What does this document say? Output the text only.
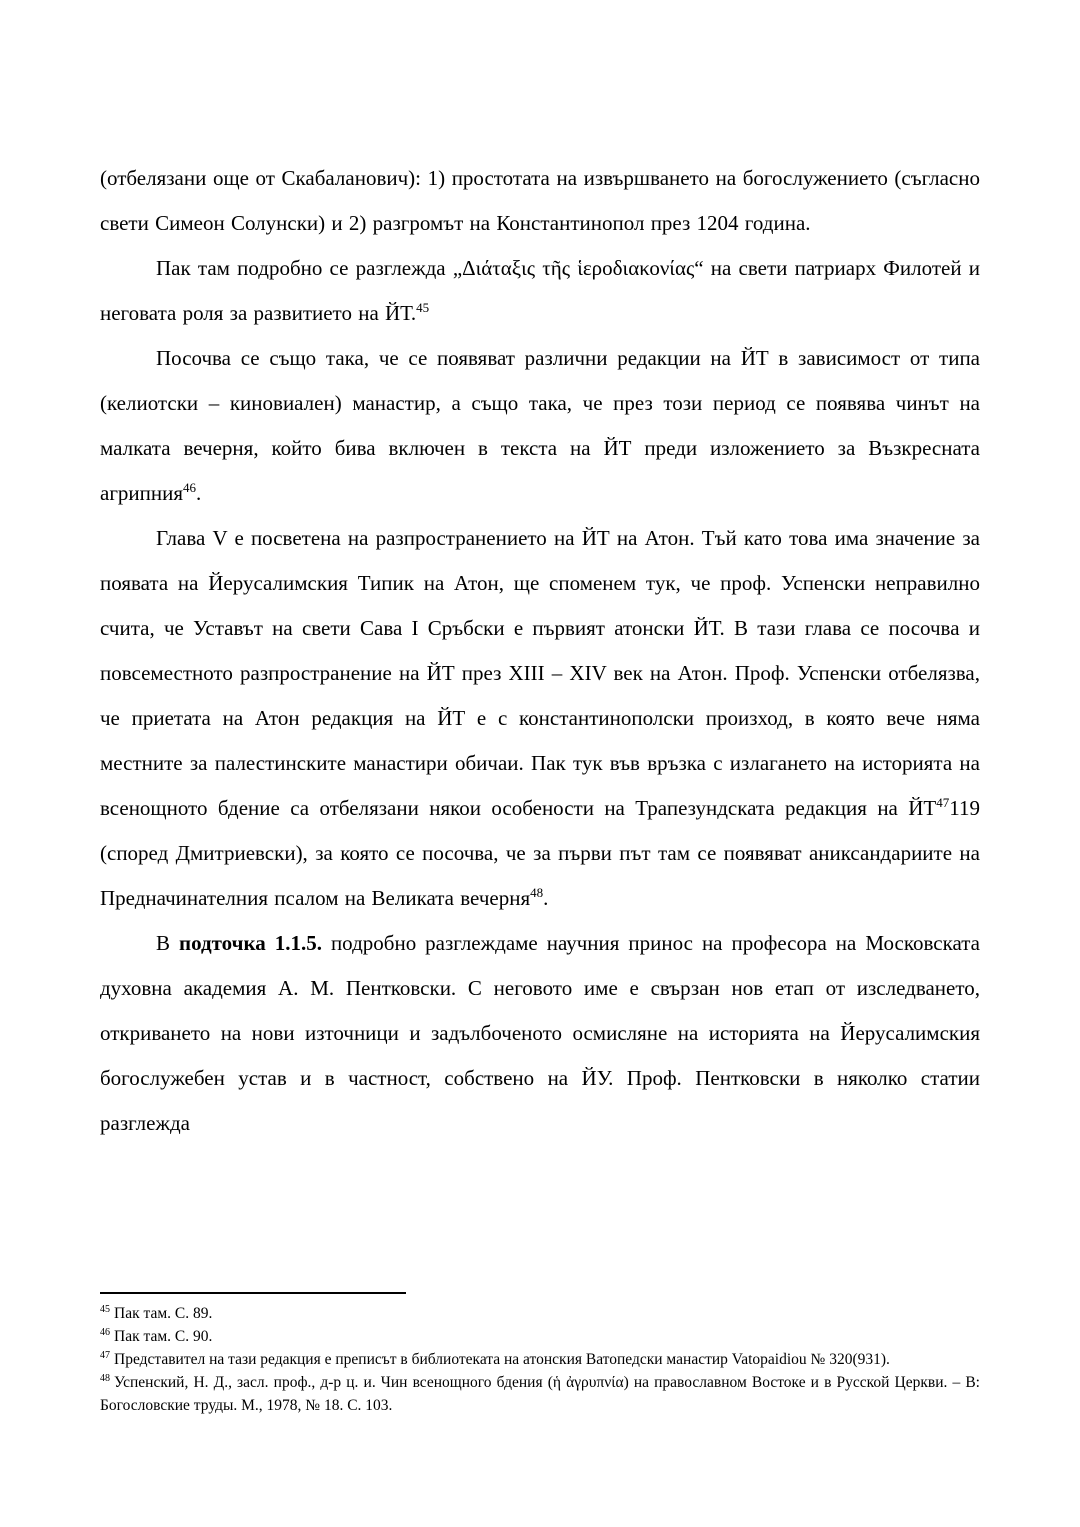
(отбелязани още от Скабаланович): 1) простотата на извършването на богослужението (съгласно свети Симеон Солунски) и 2) разгромът на Константинопол през 1204 година.

Пак там подробно се разглежда „Διάταξις τῆς ἱεροδιακονίας“ на свети патриарх Филотей и неговата роля за развитието на ЙТ.$^{45}$

Посочва се също така, че се появяват различни редакции на ЙТ в зависимост от типа (келиотски – киновиален) манастир, а също така, че през този период се появява чинът на малката вечерня, който бива включен в текста на ЙТ преди изложението за Възкресната агрипния$^{46}$.

Глава V е посветена на разпространението на ЙТ на Атон. Тъй като това има значение за появата на Йерусалимския Типик на Атон, ще споменем тук, че проф. Успенски неправилно счита, че Уставът на свети Сава I Сръбски е първият атонски ЙТ. В тази глава се посочва и повсеместното разпространение на ЙТ през XIII – XIV век на Атон. Проф. Успенски отбелязва, че приетата на Атон редакция на ЙТ е с константинополски произход, в която вече няма местните за палестинските манастири обичаи. Пак тук във връзка с излагането на историята на всенощното бдение са отбелязани някои особености на Трапезундската редакция на ЙТ$^{47}$119 (според Дмитриевски), за която се посочва, че за първи път там се появяват аниксандариите на Предначинателния псалом на Великата вечерня$^{48}$.

В подточка 1.1.5. подробно разглеждаме научния принос на професора на Московската духовна академия А. М. Пентковски. С неговото име е свързан нов етап от изследването, откриването на нови източници и задълбоченото осмисляне на историята на Йерусалимския богослужебен устав и в частност, собствено на ЙУ. Проф. Пентковски в няколко статии разглежда

$^{45}$ Пак там. С. 89.

$^{46}$ Пак там. С. 90.

$^{47}$ Представител на тази редакция е преписът в библиотеката на атонския Ватопедски манастир Vatopaidiou № 320(931).

$^{48}$ Успенский, Н. Д., засл. проф., д-р ц. и. Чин всенощного бдения (ἡ ἀγρυπνία) на православном Востоке и в Русской Церкви. – В: Богословские труды. М., 1978, № 18. С. 103.
